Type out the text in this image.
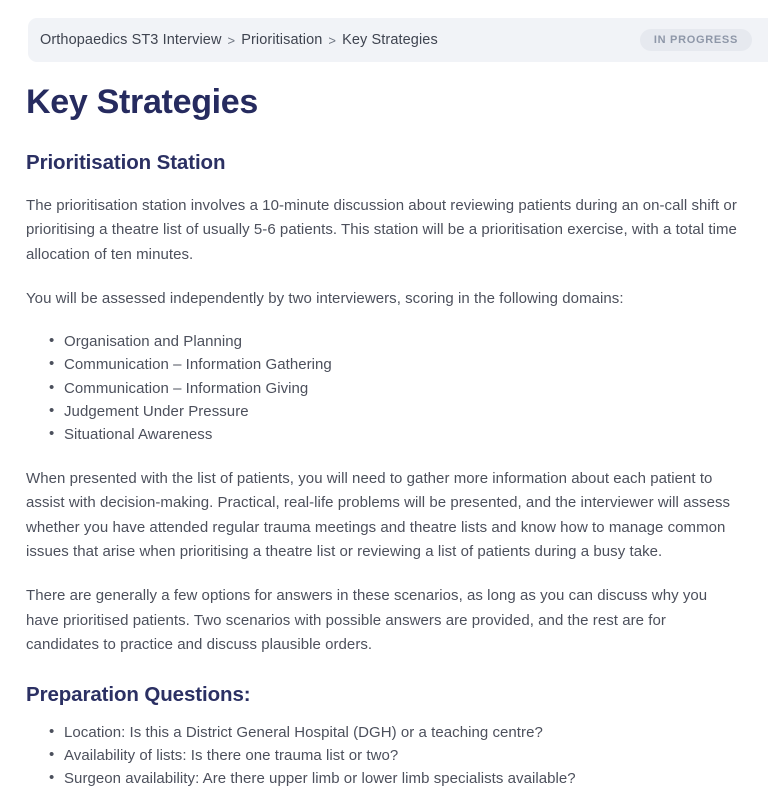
Orthopaedics ST3 Interview > Prioritisation > Key Strategies	IN PROGRESS
Key Strategies
Prioritisation Station

The prioritisation station involves a 10-minute discussion about reviewing patients during an on-call shift or prioritising a theatre list of usually 5-6 patients. This station will be a prioritisation exercise, with a total time allocation of ten minutes.

You will be assessed independently by two interviewers, scoring in the following domains:

• Organisation and Planning
• Communication – Information Gathering
• Communication – Information Giving
• Judgement Under Pressure
• Situational Awareness

When presented with the list of patients, you will need to gather more information about each patient to assist with decision-making. Practical, real-life problems will be presented, and the interviewer will assess whether you have attended regular trauma meetings and theatre lists and know how to manage common issues that arise when prioritising a theatre list or reviewing a list of patients during a busy take.

There are generally a few options for answers in these scenarios, as long as you can discuss why you have prioritised patients. Two scenarios with possible answers are provided, and the rest are for candidates to practice and discuss plausible orders.

Preparation Questions:
• Location: Is this a District General Hospital (DGH) or a teaching centre?
• Availability of lists: Is there one trauma list or two?
• Surgeon availability: Are there upper limb or lower limb specialists available?
